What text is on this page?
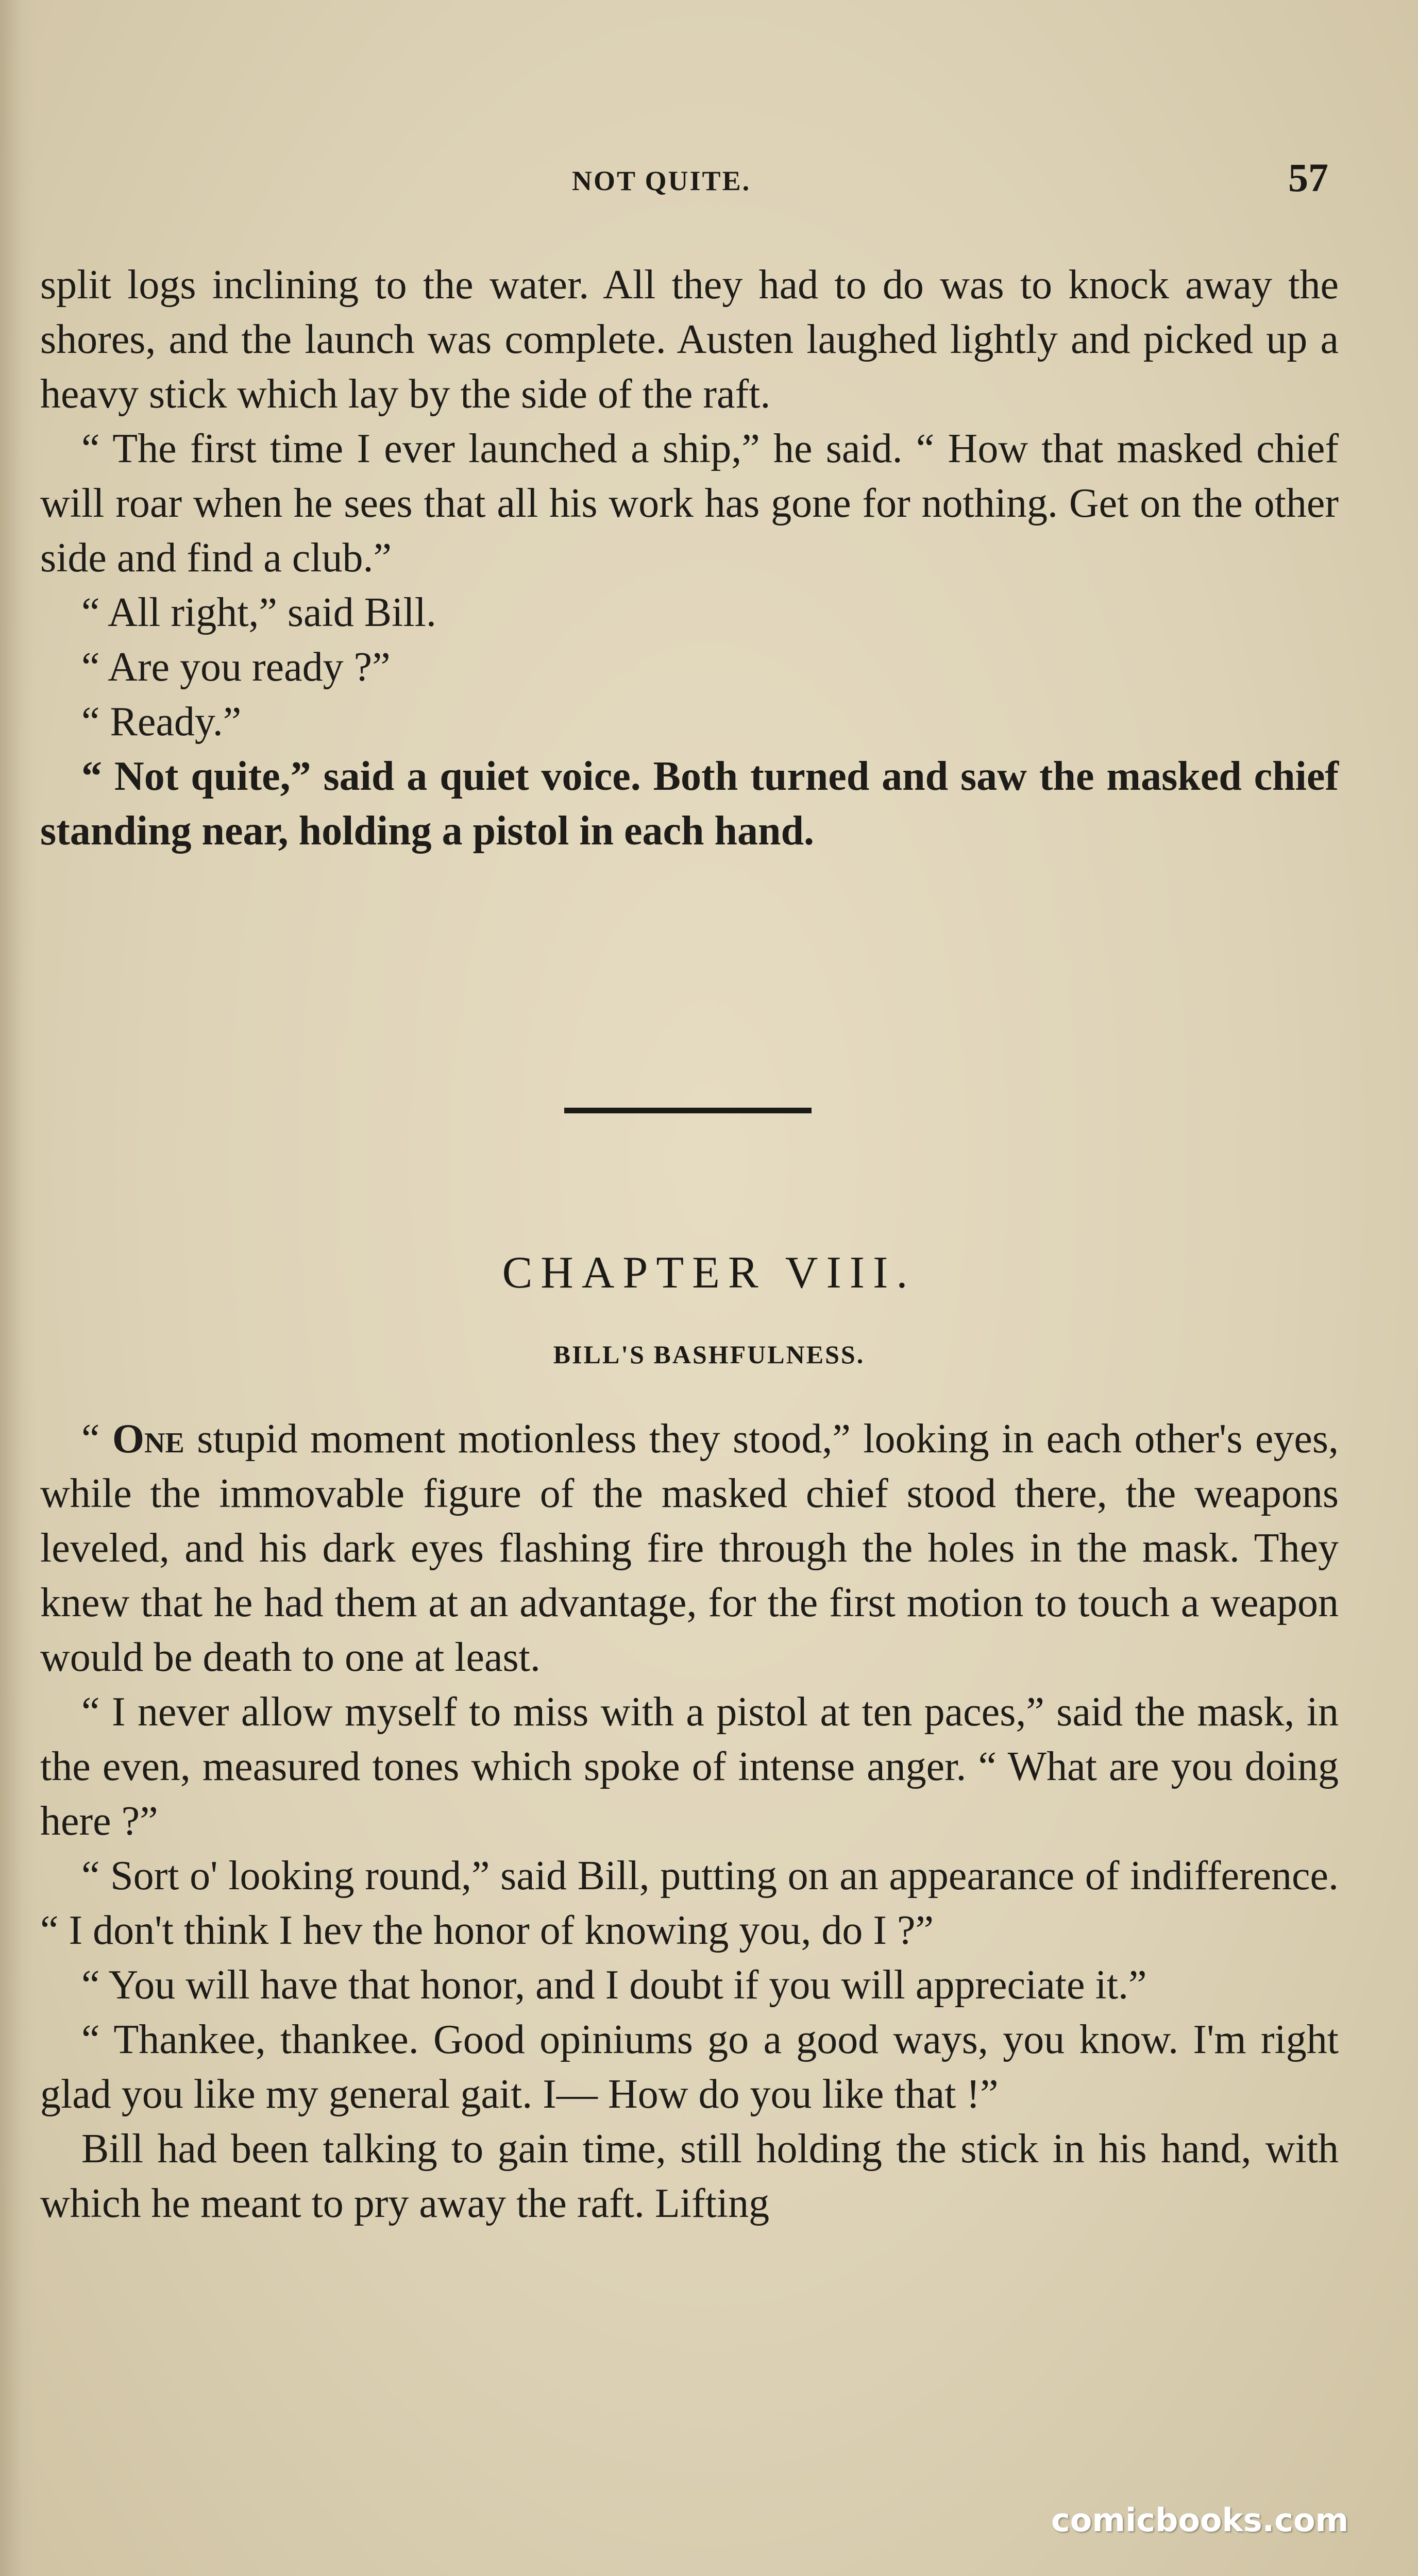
NOT QUITE.	57

split logs inclining to the water. All they had to do was to knock away the shores, and the launch was complete. Austen laughed lightly and picked up a heavy stick which lay by the side of the raft.

“ The first time I ever launched a ship,” he said. “ How that masked chief will roar when he sees that all his work has gone for nothing. Get on the other side and find a club.”

“ All right,” said Bill.

“ Are you ready ?”

“ Ready.”

“ Not quite,” said a quiet voice. Both turned and saw the masked chief standing near, holding a pistol in each hand.

CHAPTER VIII.
BILL'S BASHFULNESS.

“ One stupid moment motionless they stood,” looking in each other's eyes, while the immovable figure of the masked chief stood there, the weapons leveled, and his dark eyes flashing fire through the holes in the mask. They knew that he had them at an advantage, for the first motion to touch a weapon would be death to one at least.

“ I never allow myself to miss with a pistol at ten paces,” said the mask, in the even, measured tones which spoke of intense anger. “ What are you doing here ?”

“ Sort o' looking round,” said Bill, putting on an appearance of indifference. “ I don't think I hev the honor of knowing you, do I ?”

“ You will have that honor, and I doubt if you will appreciate it.”

“ Thankee, thankee. Good opiniums go a good ways, you know. I'm right glad you like my general gait. I— How do you like that !”

Bill had been talking to gain time, still holding the stick in his hand, with which he meant to pry away the raft. Lifting

comicbooks.com
